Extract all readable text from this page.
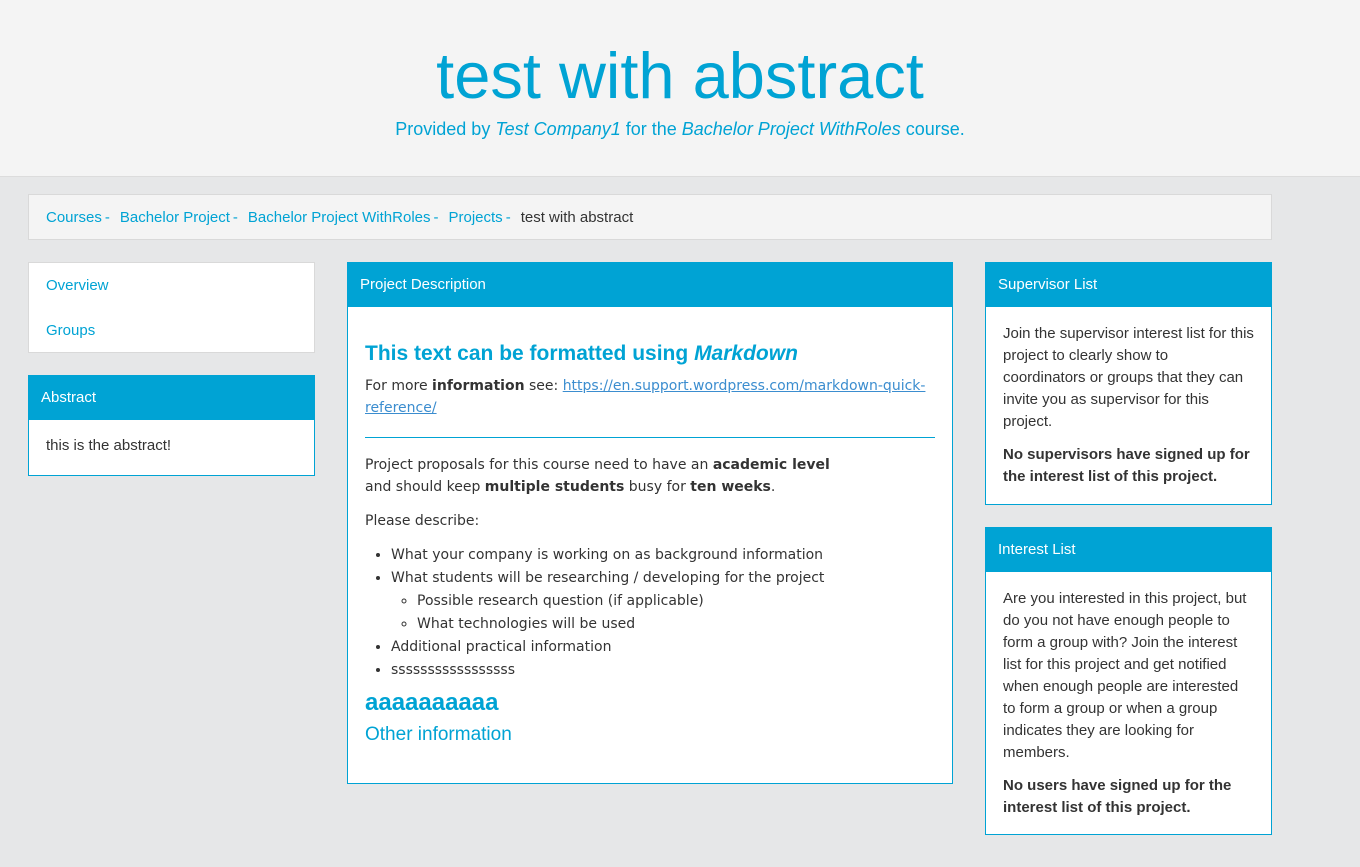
test with abstract
Provided by Test Company1 for the Bachelor Project WithRoles course.
Courses - Bachelor Project - Bachelor Project WithRoles - Projects - test with abstract
Overview
Groups
Abstract
this is the abstract!
Project Description
This text can be formatted using Markdown

For more information see: https://en.support.wordpress.com/markdown-quick-reference/

Project proposals for this course need to have an academic level
and should keep multiple students busy for ten weeks.

Please describe:

• What your company is working on as background information
• What students will be researching / developing for the project
◦ Possible research question (if applicable)
◦ What technologies will be used
• Additional practical information
• sssssssssssssssss
aaaaaaaaaa
Other information
Supervisor List

Join the supervisor interest list for this project to clearly show to coordinators or groups that they can invite you as supervisor for this project.

No supervisors have signed up for the interest list of this project.

Interest List

Are you interested in this project, but do you not have enough people to form a group with? Join the interest list for this project and get notified when enough people are interested to form a group or when a group indicates they are looking for members.

No users have signed up for the interest list of this project.
